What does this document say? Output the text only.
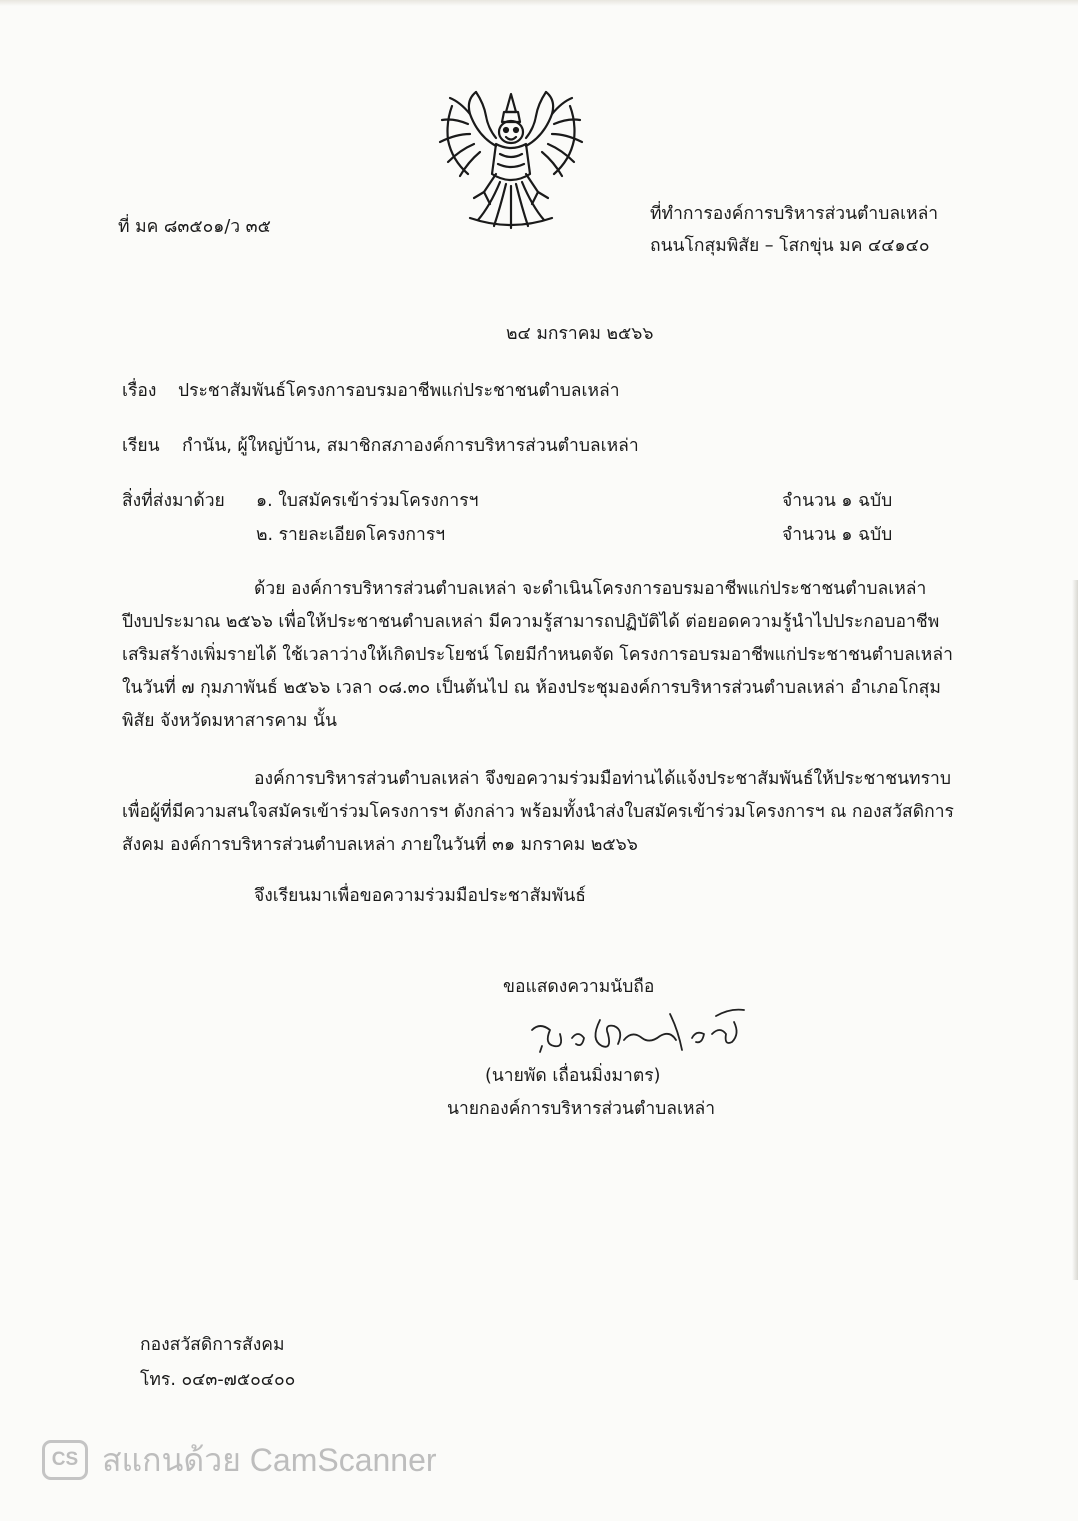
ที่ มค ๘๓๕๐๑/ว ๓๕
ที่ทำการองค์การบริหารส่วนตำบลเหล่า
ถนนโกสุมพิสัย – โสกขุ่น มค ๔๔๑๔๐
๒๔ มกราคม ๒๕๖๖
เรื่อง ประชาสัมพันธ์โครงการอบรมอาชีพแก่ประชาชนตำบลเหล่า
เรียน กำนัน, ผู้ใหญ่บ้าน, สมาชิกสภาองค์การบริหารส่วนตำบลเหล่า
สิ่งที่ส่งมาด้วย ๑. ใบสมัครเข้าร่วมโครงการฯ	จำนวน ๑ ฉบับ
๒. รายละเอียดโครงการฯ	จำนวน ๑ ฉบับ
ด้วย องค์การบริหารส่วนตำบลเหล่า จะดำเนินโครงการอบรมอาชีพแก่ประชาชนตำบลเหล่า
ปีงบประมาณ ๒๕๖๖ เพื่อให้ประชาชนตำบลเหล่า มีความรู้สามารถปฏิบัติได้ ต่อยอดความรู้นำไปประกอบอาชีพ
เสริมสร้างเพิ่มรายได้ ใช้เวลาว่างให้เกิดประโยชน์ โดยมีกำหนดจัด โครงการอบรมอาชีพแก่ประชาชนตำบลเหล่า
ในวันที่ ๗ กุมภาพันธ์ ๒๕๖๖ เวลา ๐๘.๓๐ เป็นต้นไป ณ ห้องประชุมองค์การบริหารส่วนตำบลเหล่า อำเภอโกสุม
พิสัย จังหวัดมหาสารคาม นั้น
องค์การบริหารส่วนตำบลเหล่า จึงขอความร่วมมือท่านได้แจ้งประชาสัมพันธ์ให้ประชาชนทราบ
เพื่อผู้ที่มีความสนใจสมัครเข้าร่วมโครงการฯ ดังกล่าว พร้อมทั้งนำส่งใบสมัครเข้าร่วมโครงการฯ ณ กองสวัสดิการ
สังคม องค์การบริหารส่วนตำบลเหล่า ภายในวันที่ ๓๑ มกราคม ๒๕๖๖
จึงเรียนมาเพื่อขอความร่วมมือประชาสัมพันธ์
ขอแสดงความนับถือ
(นายพัด เถื่อนมิ่งมาตร)
นายกองค์การบริหารส่วนตำบลเหล่า
กองสวัสดิการสังคม
โทร. ๐๔๓-๗๕๐๔๐๐
CS สแกนด้วย CamScanner
